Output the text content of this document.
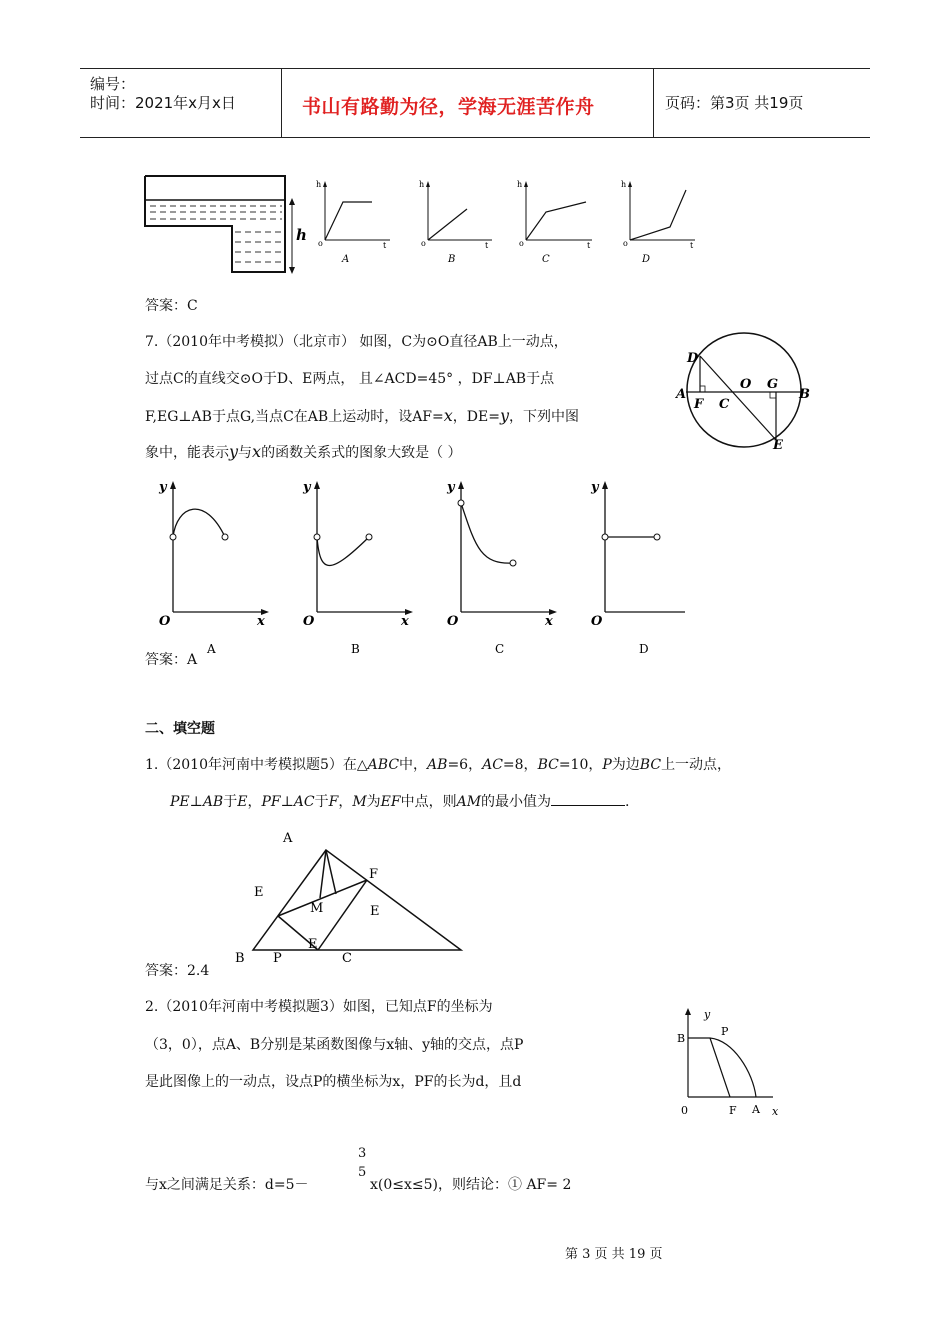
编号：
时间：2021年x月x日	书山有路勤为径，学海无涯苦作舟	页码：第3页 共19页
h
h
o	t
A
h
o	t
B
h
o	t
C
h
o	t
D
答案：C
7.（2010年中考模拟）（北京市） 如图，C为⊙O直径AB上一动点，
过点C的直线交⊙O于D、E两点， 且∠ACD=45° ，DF⊥AB于点
F,EG⊥AB于点G,当点C在AB上运动时，设AF=x，DE=y，下列中图
象中，能表示y与x的函数关系式的图象大致是（ ）
D
A
F C
O G
B
E
y
O	x
y
O	x
y
O	x
y
O
A	B	C	D
答案：A
二、填空题
1.（2010年河南中考模拟题5）在△ABC中，AB=6，AC=8，BC=10，P为边BC上一动点，
PE⊥AB于E，PF⊥AC于F，M为EF中点，则AM的最小值为	.
A
E
F
M	E
E
B P	C
答案：2.4
2.（2010年河南中考模拟题3）如图，已知点F的坐标为
（3，0），点A、B分别是某函数图像与x轴、y轴的交点，点P
是此图像上的一动点，设点P的横坐标为x，PF的长为d，且d
y
B
P
0	F A x
3
5
与x之间满足关系：d=5－	x(0≤x≤5)，则结论：① AF= 2
第 3 页 共 19 页
